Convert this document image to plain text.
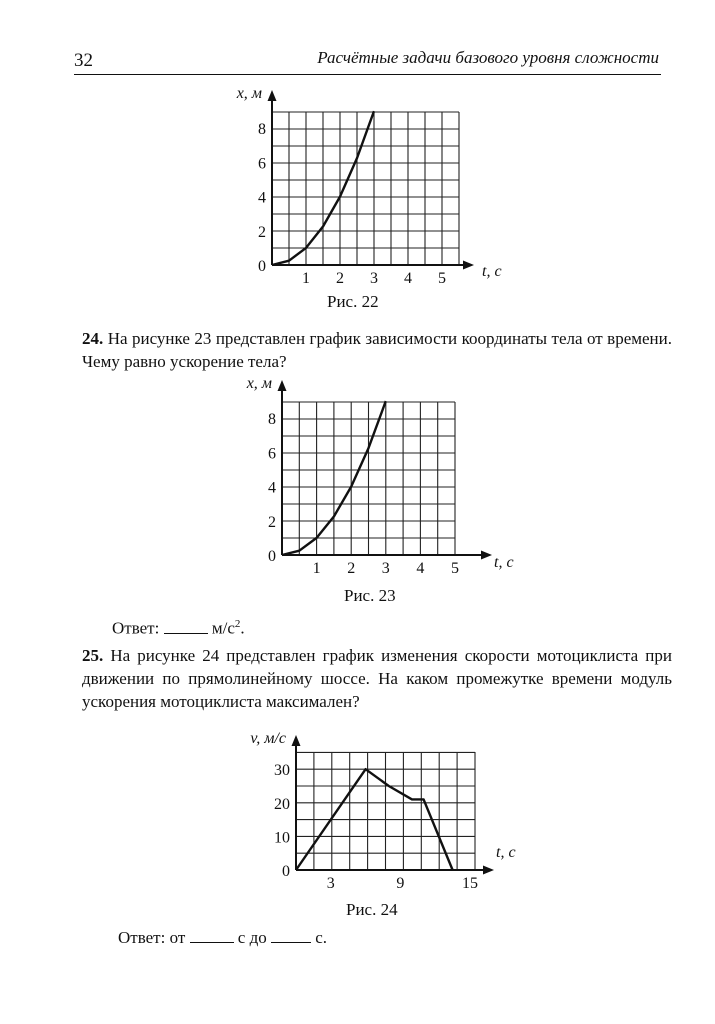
32	Расчётные задачи базового уровня сложности
0
2
4
6
8
1 2 3 4 5 t, с
x, м
Рис. 22
24. На рисунке 23 представлен график зависимости координаты тела от времени. Чему равно ускорение тела?
0
2
4
6
8
1 2 3 4 5 t, с
x, м
Рис. 23
Ответ:	$м/с^2$.
25. На рисунке 24 представлен график изменения скорости мотоциклиста при движении по прямолинейному шоссе. На каком промежутке времени модуль ускорения мотоциклиста максимален?
0
10
20
30
3	9	15
t, с
v, м/с
Рис. 24
Ответ: от	с до	с.
